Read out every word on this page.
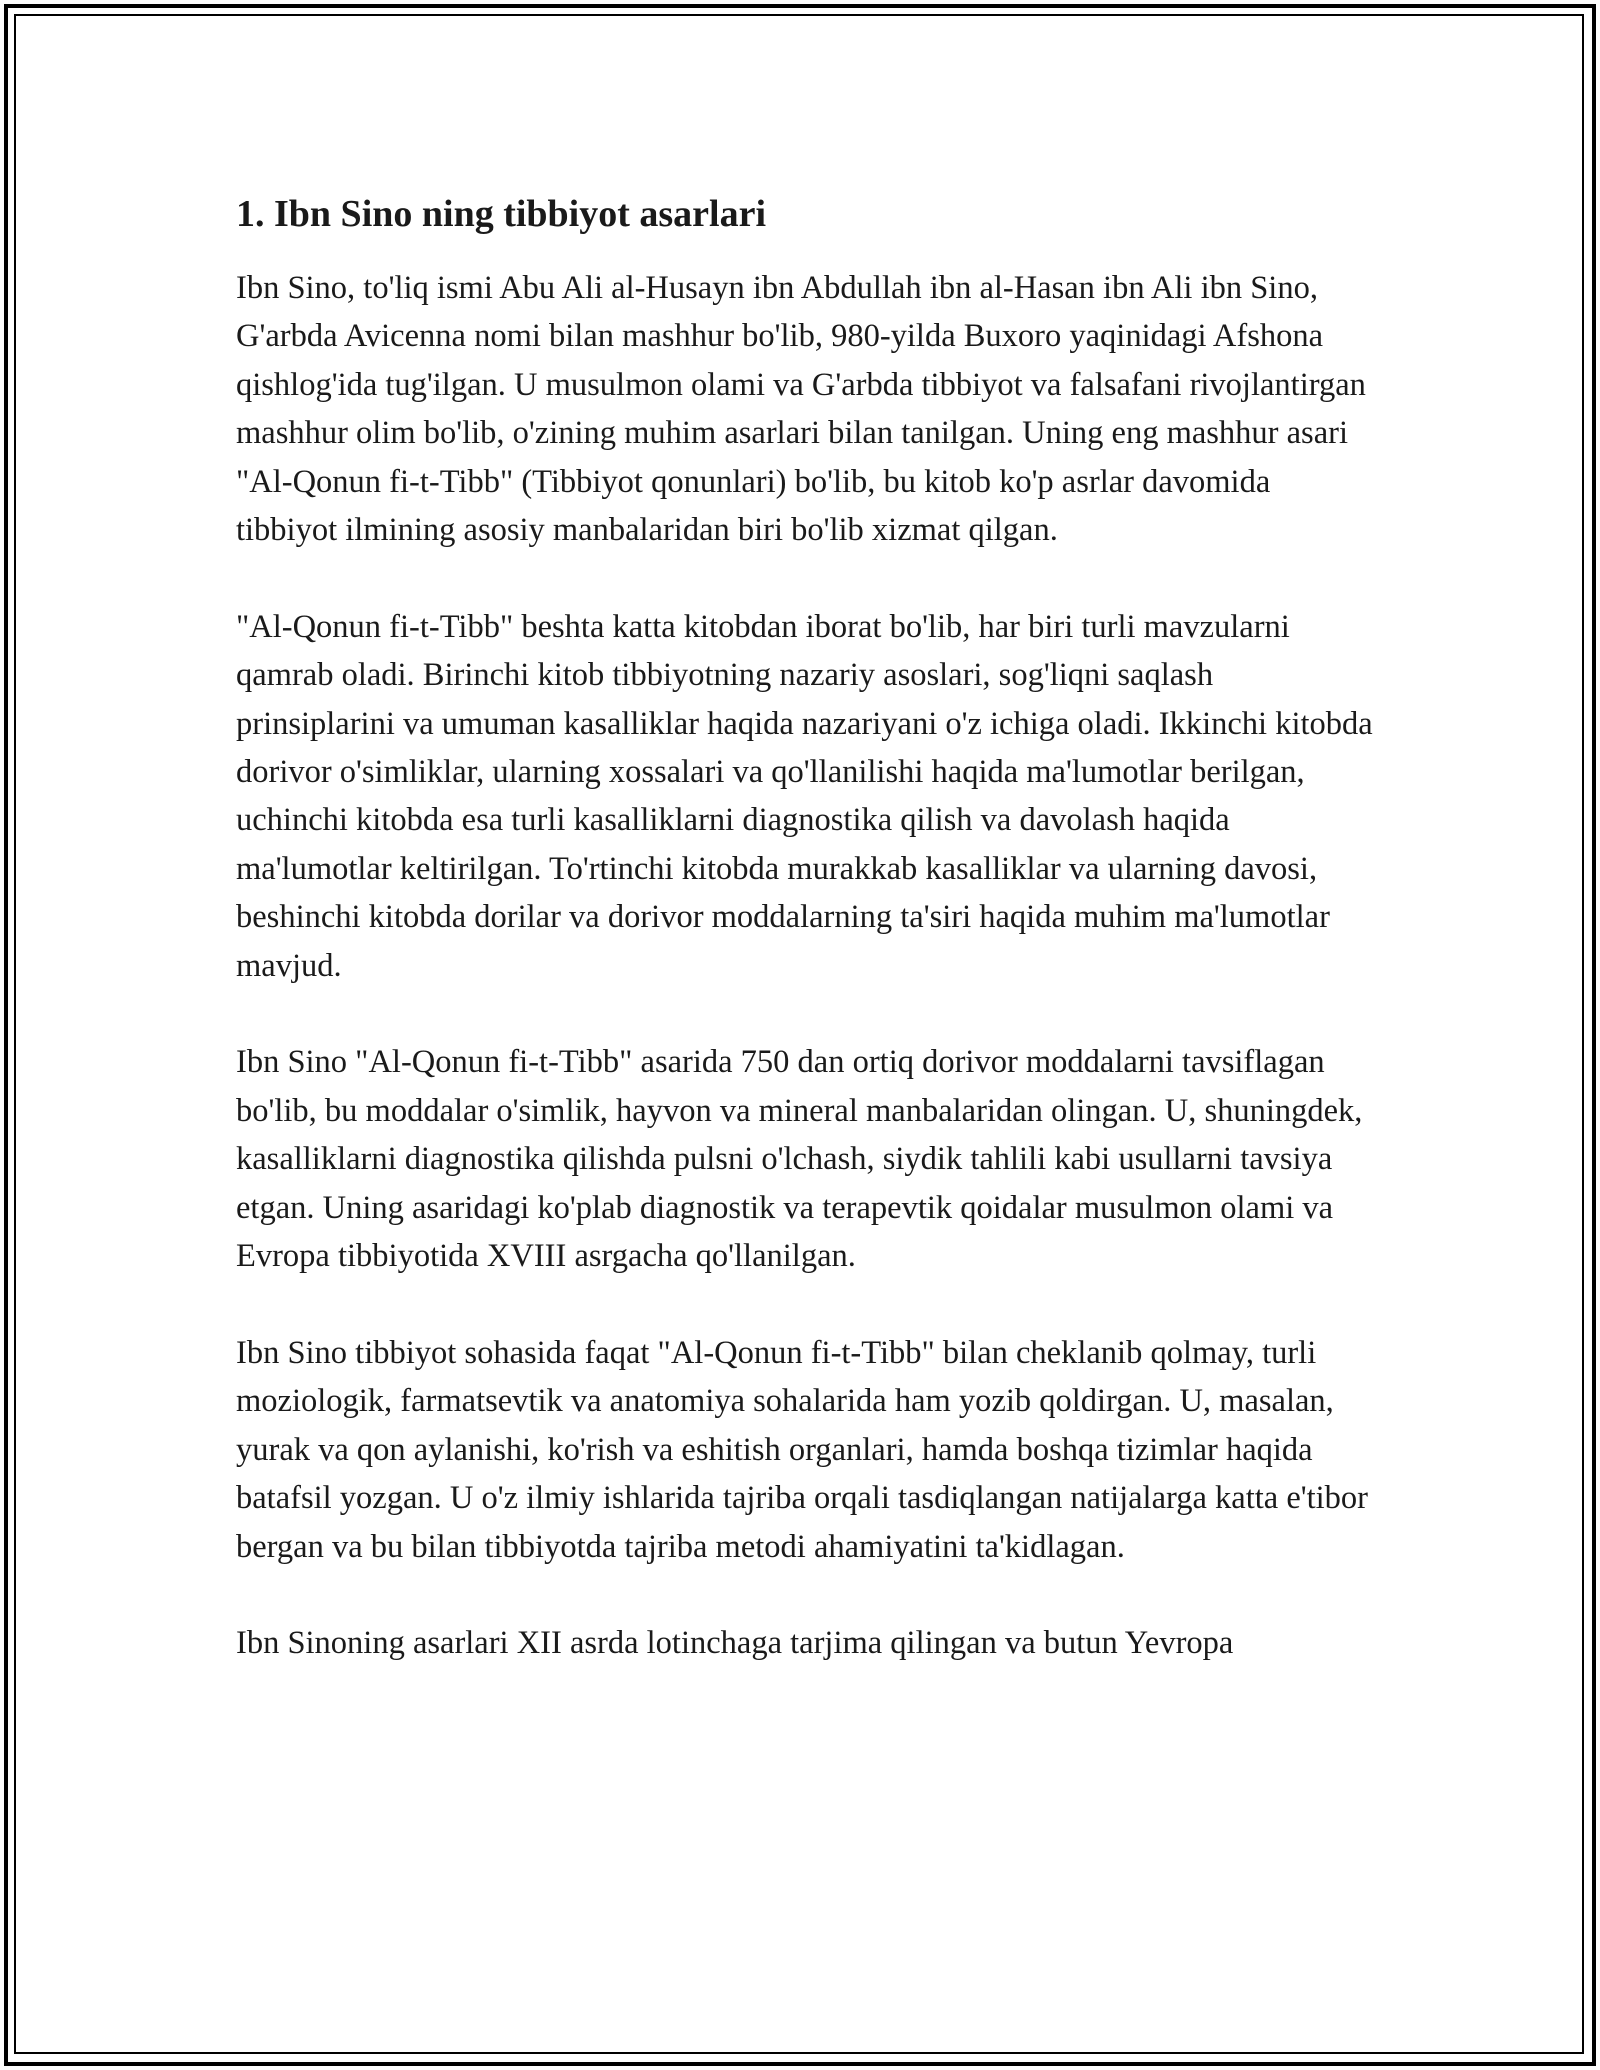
1. Ibn Sino ning tibbiyot asarlari

Ibn Sino, to'liq ismi Abu Ali al-Husayn ibn Abdullah ibn al-Hasan ibn Ali ibn Sino, G'arbda Avicenna nomi bilan mashhur bo'lib, 980-yilda Buxoro yaqinidagi Afshona qishlog'ida tug'ilgan. U musulmon olami va G'arbda tibbiyot va falsafani rivojlantirgan mashhur olim bo'lib, o'zining muhim asarlari bilan tanilgan. Uning eng mashhur asari "Al-Qonun fi-t-Tibb" (Tibbiyot qonunlari) bo'lib, bu kitob ko'p asrlar davomida tibbiyot ilmining asosiy manbalaridan biri bo'lib xizmat qilgan.

"Al-Qonun fi-t-Tibb" beshta katta kitobdan iborat bo'lib, har biri turli mavzularni qamrab oladi. Birinchi kitob tibbiyotning nazariy asoslari, sog'liqni saqlash prinsiplarini va umuman kasalliklar haqida nazariyani o'z ichiga oladi. Ikkinchi kitobda dorivor o'simliklar, ularning xossalari va qo'llanilishi haqida ma'lumotlar berilgan, uchinchi kitobda esa turli kasalliklarni diagnostika qilish va davolash haqida ma'lumotlar keltirilgan. To'rtinchi kitobda murakkab kasalliklar va ularning davosi, beshinchi kitobda dorilar va dorivor moddalarning ta'siri haqida muhim ma'lumotlar mavjud.

Ibn Sino "Al-Qonun fi-t-Tibb" asarida 750 dan ortiq dorivor moddalarni tavsiflagan bo'lib, bu moddalar o'simlik, hayvon va mineral manbalaridan olingan. U, shuningdek, kasalliklarni diagnostika qilishda pulsni o'lchash, siydik tahlili kabi usullarni tavsiya etgan. Uning asaridagi ko'plab diagnostik va terapevtik qoidalar musulmon olami va Evropa tibbiyotida XVIII asrgacha qo'llanilgan.

Ibn Sino tibbiyot sohasida faqat "Al-Qonun fi-t-Tibb" bilan cheklanib qolmay, turli moziologik, farmatsevtik va anatomiya sohalarida ham yozib qoldirgan. U, masalan, yurak va qon aylanishi, ko'rish va eshitish organlari, hamda boshqa tizimlar haqida batafsil yozgan. U o'z ilmiy ishlarida tajriba orqali tasdiqlangan natijalarga katta e'tibor bergan va bu bilan tibbiyotda tajriba metodi ahamiyatini ta'kidlagan.

Ibn Sinoning asarlari XII asrda lotinchaga tarjima qilingan va butun Yevropa
